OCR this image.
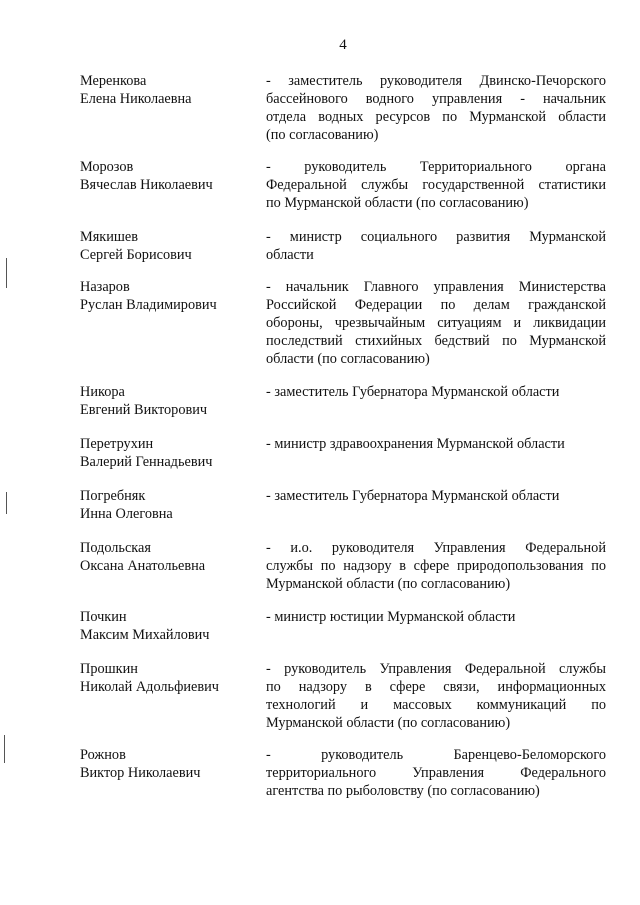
4
Меренкова
Елена Николаевна
- заместитель руководителя Двинско-Печорского
бассейнового водного управления - начальник
отдела водных ресурсов по Мурманской области
(по согласованию)
Морозов
Вячеслав Николаевич
- руководитель Территориального органа
Федеральной службы государственной статистики
по Мурманской области (по согласованию)
Мякишев
Сергей Борисович
- министр социального развития Мурманской
области
Назаров
Руслан Владимирович
- начальник Главного управления Министерства
Российской Федерации по делам гражданской
обороны, чрезвычайным ситуациям и ликвидации
последствий стихийных бедствий по Мурманской
области (по согласованию)
Никора
Евгений Викторович
- заместитель Губернатора Мурманской области
Перетрухин
Валерий Геннадьевич
- министр здравоохранения Мурманской области
Погребняк
Инна Олеговна
- заместитель Губернатора Мурманской области
Подольская
Оксана Анатольевна
- и.о. руководителя Управления Федеральной
службы по надзору в сфере природопользования по
Мурманской области (по согласованию)
Почкин
Максим Михайлович
- министр юстиции Мурманской области
Прошкин
Николай Адольфиевич
- руководитель Управления Федеральной службы
по надзору в сфере связи, информационных
технологий и массовых коммуникаций по
Мурманской области (по согласованию)
Рожнов
Виктор Николаевич
- руководитель Баренцево-Беломорского
территориального Управления Федерального
агентства по рыболовству (по согласованию)
